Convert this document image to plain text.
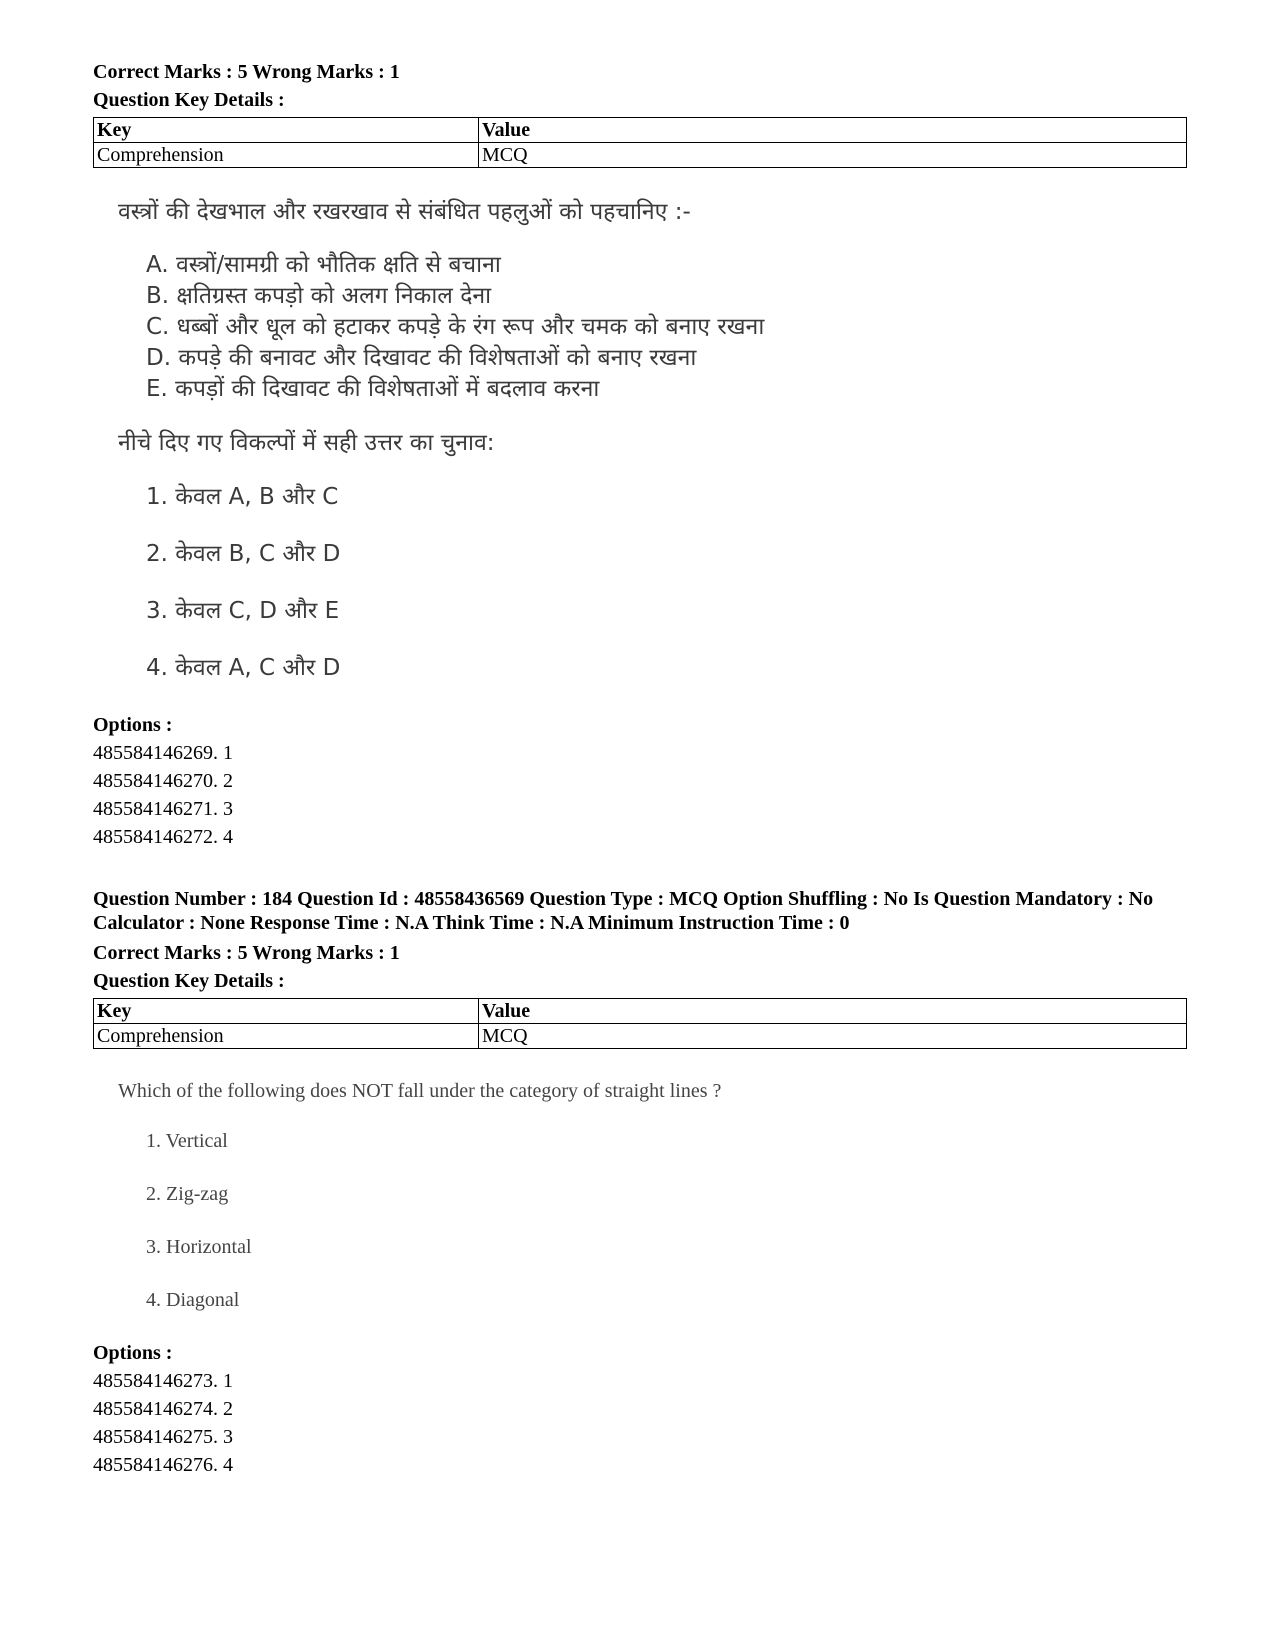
Correct Marks : 5 Wrong Marks : 1
Question Key Details :
Key	Value
Comprehension	MCQ
वस्त्रों की देखभाल और रखरखाव से संबंधित पहलुओं को पहचानिए :-
A. वस्त्रों/सामग्री को भौतिक क्षति से बचाना
B. क्षतिग्रस्त कपड़ो को अलग निकाल देना
C. धब्बों और धूल को हटाकर कपड़े के रंग रूप और चमक को बनाए रखना
D. कपड़े की बनावट और दिखावट की विशेषताओं को बनाए रखना
E. कपड़ों की दिखावट की विशेषताओं में बदलाव करना
नीचे दिए गए विकल्पों में सही उत्तर का चुनाव:
1. केवल A, B और C
2. केवल B, C और D
3. केवल C, D और E
4. केवल A, C और D
Options :
485584146269. 1
485584146270. 2
485584146271. 3
485584146272. 4
Question Number : 184 Question Id : 48558436569 Question Type : MCQ Option Shuffling : No Is Question Mandatory : No Calculator : None Response Time : N.A Think Time : N.A Minimum Instruction Time : 0
Correct Marks : 5 Wrong Marks : 1
Question Key Details :
Key	Value
Comprehension	MCQ
Which of the following does NOT fall under the category of straight lines ?
1. Vertical
2. Zig-zag
3. Horizontal
4. Diagonal
Options :
485584146273. 1
485584146274. 2
485584146275. 3
485584146276. 4
